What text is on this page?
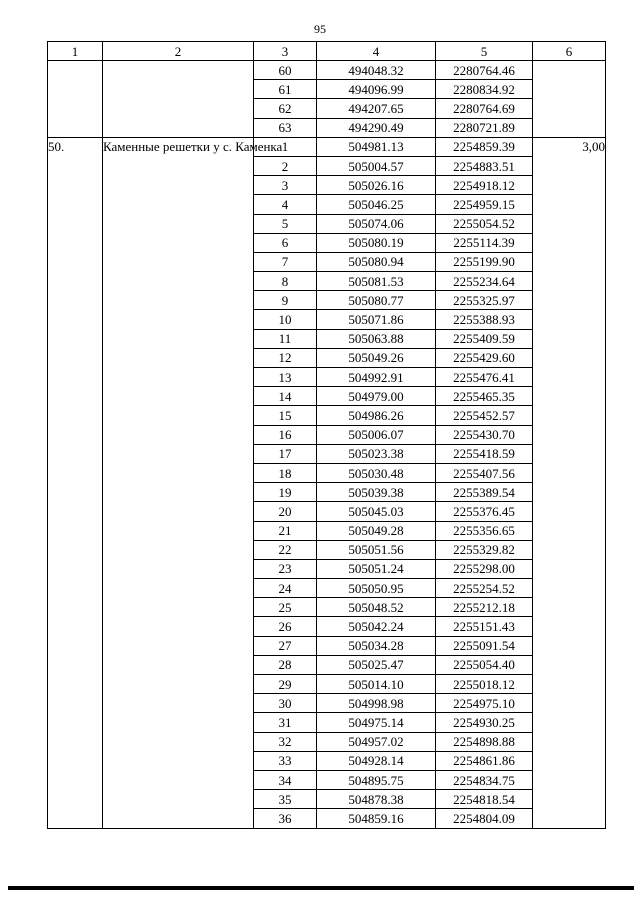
95
1	2	3	4	5	6
		60	494048.32	2280764.46	
		61	494096.99	2280834.92	
		62	494207.65	2280764.69	
		63	494290.49	2280721.89	
50.	Каменные решетки у с. Каменка	1	504981.13	2254859.39	3,00
		2	505004.57	2254883.51	
		3	505026.16	2254918.12	
		4	505046.25	2254959.15	
		5	505074.06	2255054.52	
		6	505080.19	2255114.39	
		7	505080.94	2255199.90	
		8	505081.53	2255234.64	
		9	505080.77	2255325.97	
		10	505071.86	2255388.93	
		11	505063.88	2255409.59	
		12	505049.26	2255429.60	
		13	504992.91	2255476.41	
		14	504979.00	2255465.35	
		15	504986.26	2255452.57	
		16	505006.07	2255430.70	
		17	505023.38	2255418.59	
		18	505030.48	2255407.56	
		19	505039.38	2255389.54	
		20	505045.03	2255376.45	
		21	505049.28	2255356.65	
		22	505051.56	2255329.82	
		23	505051.24	2255298.00	
		24	505050.95	2255254.52	
		25	505048.52	2255212.18	
		26	505042.24	2255151.43	
		27	505034.28	2255091.54	
		28	505025.47	2255054.40	
		29	505014.10	2255018.12	
		30	504998.98	2254975.10	
		31	504975.14	2254930.25	
		32	504957.02	2254898.88	
		33	504928.14	2254861.86	
		34	504895.75	2254834.75	
		35	504878.38	2254818.54	
		36	504859.16	2254804.09	
